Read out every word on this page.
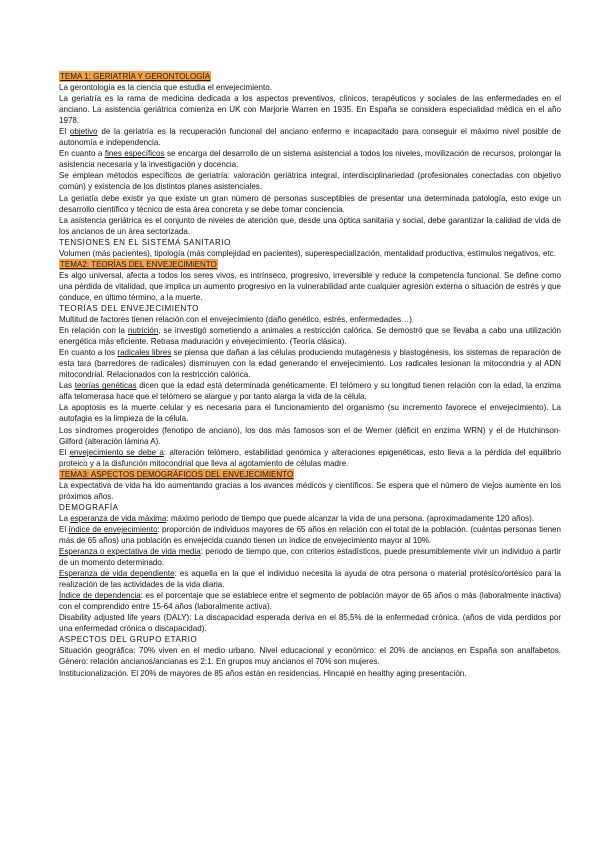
TEMA 1: GERIATRÍA Y GERONTOLOGÍA

La gerontología es la ciencia que estudia el envejecimiento.

La geriatría es la rama de medicina dedicada a los aspectos preventivos, clínicos, terapéuticos y sociales de las enfermedades en el anciano. La asistencia geriátrica comienza en UK con Marjorie Warren en 1935. En España se considera especialidad médica en el año 1978.

El objetivo de la geriatría es la recuperación funcional del anciano enfermo e incapacitado para conseguir el máximo nivel posible de autonomía e independencia.

En cuanto a fines específicos se encarga del desarrollo de un sistema asistencial a todos los niveles, movilización de recursos, prolongar la asistencia necesaria y la investigación y docencia.

Se emplean métodos específicos de geriatría: valoración geriátrica integral, interdisciplinariedad (profesionales conectadas con objetivo común) y existencia de los distintos planes asistenciales.

La geriatía debe existir ya que existe un gran número de personas susceptibles de presentar una determinada patología, esto exige un desarrollo científico y técnico de esta área concreta y se debe tomar conciencia.

La asistencia geriátrica es el conjunto de niveles de atención que, desde una óptica sanitaria y social, debe garantizar la calidad de vida de los ancianos de un área sectorizada.

TENSIONES EN EL SISTEMA SANITARIO

Volumen (más pacientes), tipología (más complejidad en pacientes), superespecialización, mentalidad productiva, estímulos negativos, etc.

TEMA2: TEORÍAS DEL ENVEJECIMIENTO

Es algo universal, afecta a todos los seres vivos, es intrínseco, progresivo, irreversible y reduce la competencia funcional. Se define como una pérdida de vitalidad, que implica un aumento progresivo en la vulnerabilidad ante cualquier agresión externa o situación de estrés y que conduce, en último término, a la muerte.

TEORÍAS DEL ENVEJECIMIENTO

Multitud de factores tienen relación con el envejecimiento (daño genético, estrés, enfermedades…).

En relación con la nutrición, se investigó sometiendo a animales a restricción calórica. Se demostró que se llevaba a cabo una utilización energética más eficiente. Retrasa maduración y envejecimiento. (Teoría clásica).

En cuanto a los radicales libres se piensa que dañan a las células produciendo mutagénesis y blastogénesis, los sistemas de reparación de esta tara (barredores de radicales) disminuyen con la edad generando el envejecimiento. Los radicales lesionan la mitocondria y al ADN mitocondrial. Relacionados con la restricción calórica.

Las teorías genéticas dicen que la edad está determinada genéticamente. El telómero y su longitud tienen relación con la edad, la enzima alfa telomerasa hace que el telómero se alargue y por tanto alarga la vida de la célula.

La apoptosis es la muerte celular y es necesaria para el funcionamiento del organismo (su incremento favorece el envejecimiento). La autofagia es la limpieza de la célula.

Los síndromes progeroides (fenotipo de anciano), los dos más famosos son el de Werner (déficit en enzima WRN) y el de Hutchinson-Gilford (alteración lámina A).

El envejecimiento se debe a: alteración telómero, estabilidad genómica y alteraciones epigenéticas, esto lleva a la pérdida del equilibrio proteico y a la disfunción mitocondrial que lleva al agotamiento de células madre.

TEMA3: ASPECTOS DEMOGRÁFICOS DEL ENVEJECIMIENTO

La expectativa de vida ha ido aumentando gracias a los avances médicos y científicos. Se espera que el número de viejos aumente en los próximos años.

DEMOGRAFÍA

La esperanza de vida máxima: máximo periodo de tiempo que puede alcanzar la vida de una persona. (aproximadamente 120 años).

El índice de envejecimiento: proporción de individuos mayores de 65 años en relación con el total de la población. (cuántas personas tienen más de 65 años) una población es envejecida cuando tienen un índice de envejecimiento mayor al 10%.

Esperanza o expectativa de vida media: periodo de tiempo que, con criterios estadísticos, puede presumiblemente vivir un individuo a partir de un momento determinado.

Esperanza de vida dependiente: es aquella en la que el individuo necesita la ayuda de otra persona o material protésico/ortésico para la realización de las actividades de la vida diaria.

Índice de dependencia: es el porcentaje que se establece entre el segmento de población mayor de 65 años o más (laboralmente inactiva) con el comprendido entre 15-64 años (laboralmente activa).

Disability adjusted life years (DALY): La discapacidad esperada deriva en el 85,5% de la enfermedad crónica. (años de vida perdidos por una enfermedad crónica o discapacidad).

ASPECTOS DEL GRUPO ETARIO

Situación geográfica: 70% viven en el medio urbano. Nivel educacional y económico: el 20% de ancianos en España son analfabetos. Género: relación ancianos/ancianas es 2:1. En grupos muy ancianos el 70% son mujeres.

Institucionalización. El 20% de mayores de 85 años están en residencias. Hincapié en healthy aging presentación.
